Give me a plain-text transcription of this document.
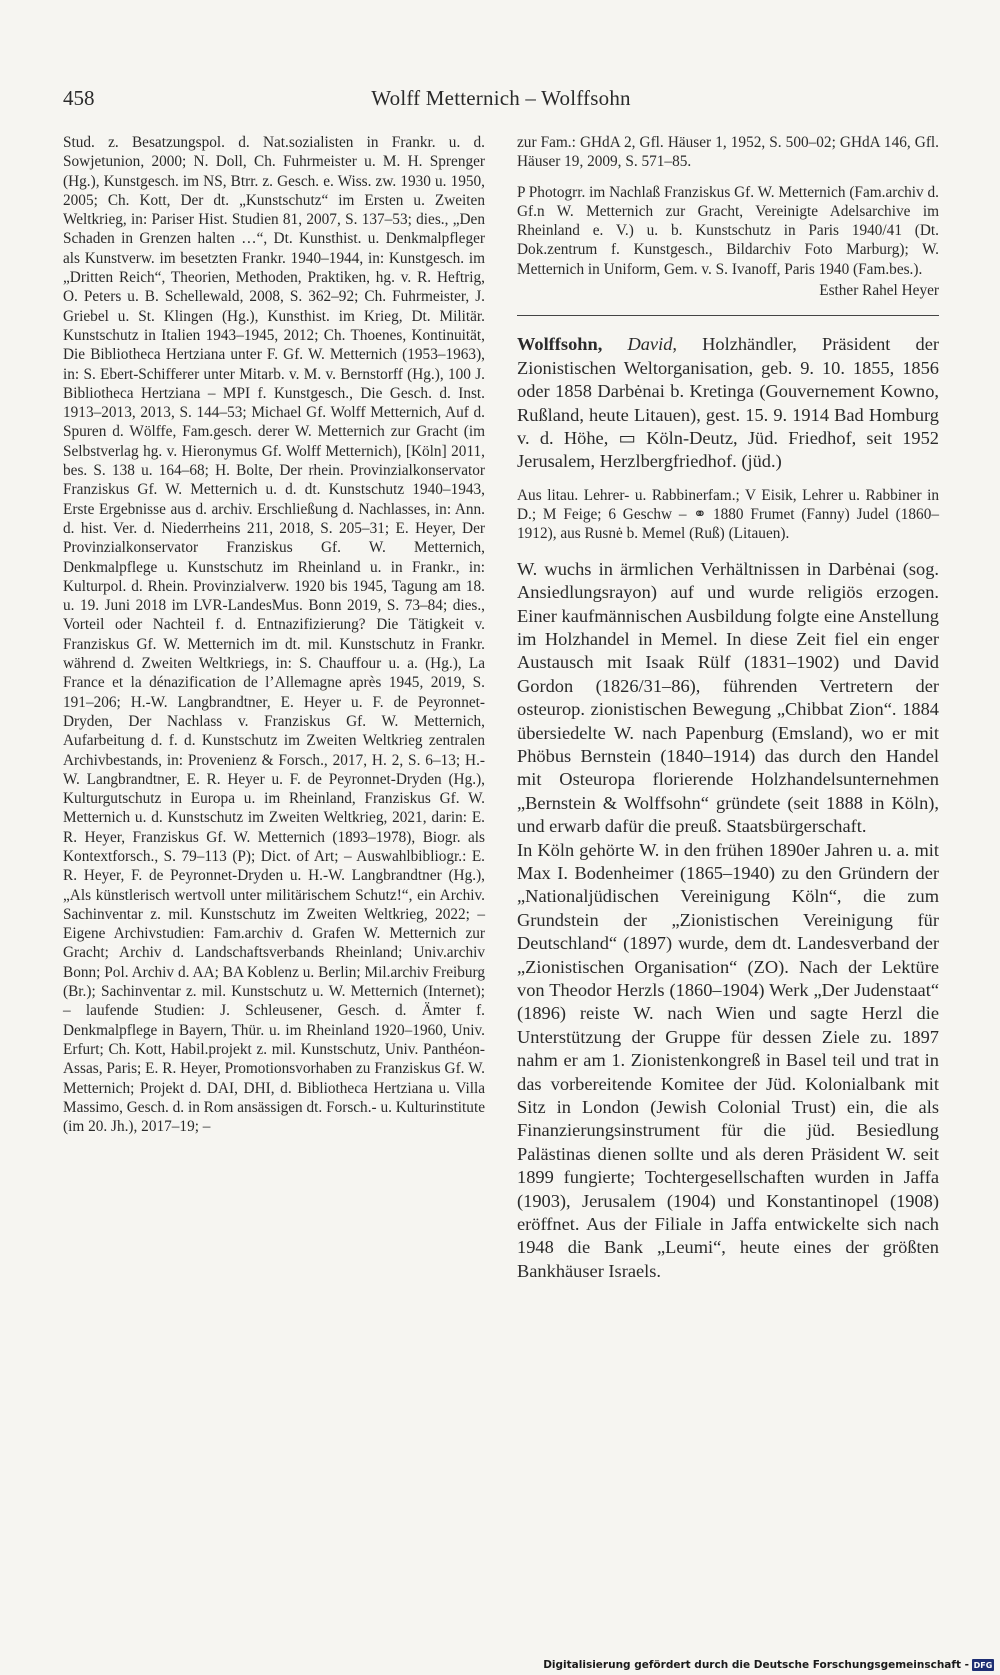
458	Wolff Metternich – Wolffsohn

Stud. z. Besatzungspol. d. Nat.sozialisten in Frankr. u. d. Sowjetunion, 2000; N. Doll, Ch. Fuhrmeister u. M. H. Sprenger (Hg.), Kunstgesch. im NS, Btrr. z. Gesch. e. Wiss. zw. 1930 u. 1950, 2005; Ch. Kott, Der dt. „Kunstschutz“ im Ersten u. Zweiten Weltkrieg, in: Pariser Hist. Studien 81, 2007, S. 137–53; dies., „Den Schaden in Grenzen halten …“, Dt. Kunsthist. u. Denkmalpfleger als Kunstverw. im besetzten Frankr. 1940–1944, in: Kunstgesch. im „Dritten Reich“, Theorien, Methoden, Praktiken, hg. v. R. Heftrig, O. Peters u. B. Schellewald, 2008, S. 362–92; Ch. Fuhrmeister, J. Griebel u. St. Klingen (Hg.), Kunsthist. im Krieg, Dt. Militär. Kunstschutz in Italien 1943–1945, 2012; Ch. Thoenes, Kontinuität, Die Bibliotheca Hertziana unter F. Gf. W. Metternich (1953–1963), in: S. Ebert-Schifferer unter Mitarb. v. M. v. Bernstorff (Hg.), 100 J. Bibliotheca Hertziana – MPI f. Kunstgesch., Die Gesch. d. Inst. 1913–2013, 2013, S. 144–53; Michael Gf. Wolff Metternich, Auf d. Spuren d. Wölffe, Fam.gesch. derer W. Metternich zur Gracht (im Selbstverlag hg. v. Hieronymus Gf. Wolff Metternich), [Köln] 2011, bes. S. 138 u. 164–68; H. Bolte, Der rhein. Provinzialkonservator Franziskus Gf. W. Metternich u. d. dt. Kunstschutz 1940–1943, Erste Ergebnisse aus d. archiv. Erschließung d. Nachlasses, in: Ann. d. hist. Ver. d. Niederrheins 211, 2018, S. 205–31; E. Heyer, Der Provinzialkonservator Franziskus Gf. W. Metternich, Denkmalpflege u. Kunstschutz im Rheinland u. in Frankr., in: Kulturpol. d. Rhein. Provinzialverw. 1920 bis 1945, Tagung am 18. u. 19. Juni 2018 im LVR-LandesMus. Bonn 2019, S. 73–84; dies., Vorteil oder Nachteil f. d. Entnazifizierung? Die Tätigkeit v. Franziskus Gf. W. Metternich im dt. mil. Kunstschutz in Frankr. während d. Zweiten Weltkriegs, in: S. Chauffour u. a. (Hg.), La France et la dénazification de l’Allemagne après 1945, 2019, S. 191–206; H.-W. Langbrandtner, E. Heyer u. F. de Peyronnet-Dryden, Der Nachlass v. Franziskus Gf. W. Metternich, Aufarbeitung d. f. d. Kunstschutz im Zweiten Weltkrieg zentralen Archivbestands, in: Provenienz & Forsch., 2017, H. 2, S. 6–13; H.-W. Langbrandtner, E. R. Heyer u. F. de Peyronnet-Dryden (Hg.), Kulturgutschutz in Europa u. im Rheinland, Franziskus Gf. W. Metternich u. d. Kunstschutz im Zweiten Weltkrieg, 2021, darin: E. R. Heyer, Franziskus Gf. W. Metternich (1893–1978), Biogr. als Kontextforsch., S. 79–113 (P); Dict. of Art; – Auswahlbibliogr.: E. R. Heyer, F. de Peyronnet-Dryden u. H.-W. Langbrandtner (Hg.), „Als künstlerisch wertvoll unter militärischem Schutz!“, ein Archiv. Sachinventar z. mil. Kunstschutz im Zweiten Weltkrieg, 2022; – Eigene Archivstudien: Fam.archiv d. Grafen W. Metternich zur Gracht; Archiv d. Landschaftsverbands Rheinland; Univ.archiv Bonn; Pol. Archiv d. AA; BA Koblenz u. Berlin; Mil.archiv Freiburg (Br.); Sachinventar z. mil. Kunstschutz u. W. Metternich (Internet); – laufende Studien: J. Schleusener, Gesch. d. Ämter f. Denkmalpflege in Bayern, Thür. u. im Rheinland 1920–1960, Univ. Erfurt; Ch. Kott, Habil.projekt z. mil. Kunstschutz, Univ. Panthéon-Assas, Paris; E. R. Heyer, Promotionsvorhaben zu Franziskus Gf. W. Metternich; Projekt d. DAI, DHI, d. Bibliotheca Hertziana u. Villa Massimo, Gesch. d. in Rom ansässigen dt. Forsch.- u. Kulturinstitute (im 20. Jh.), 2017–19; –

zur Fam.: GHdA 2, Gfl. Häuser 1, 1952, S. 500–02; GHdA 146, Gfl. Häuser 19, 2009, S. 571–85.

P Photogrr. im Nachlaß Franziskus Gf. W. Metternich (Fam.archiv d. Gf.n W. Metternich zur Gracht, Vereinigte Adelsarchive im Rheinland e. V.) u. b. Kunstschutz in Paris 1940/41 (Dt. Dok.zentrum f. Kunstgesch., Bildarchiv Foto Marburg); W. Metternich in Uniform, Gem. v. S. Ivanoff, Paris 1940 (Fam.bes.).

Esther Rahel Heyer

Wolffsohn, David, Holzhändler, Präsident der Zionistischen Weltorganisation, geb. 9. 10. 1855, 1856 oder 1858 Darbėnai b. Kretinga (Gouvernement Kowno, Rußland, heute Litauen), gest. 15. 9. 1914 Bad Homburg v. d. Höhe, ▭ Köln-Deutz, Jüd. Friedhof, seit 1952 Jerusalem, Herzlbergfriedhof. (jüd.)

Aus litau. Lehrer- u. Rabbinerfam.; V Eisik, Lehrer u. Rabbiner in D.; M Feige; 6 Geschw – ⚭ 1880 Frumet (Fanny) Judel (1860–1912), aus Rusnė b. Memel (Ruß) (Litauen).

W. wuchs in ärmlichen Verhältnissen in Darbėnai (sog. Ansiedlungsrayon) auf und wurde religiös erzogen. Einer kaufmännischen Ausbildung folgte eine Anstellung im Holzhandel in Memel. In diese Zeit fiel ein enger Austausch mit Isaak Rülf (1831–1902) und David Gordon (1826/31–86), führenden Vertretern der osteurop. zionistischen Bewegung „Chibbat Zion“. 1884 übersiedelte W. nach Papenburg (Emsland), wo er mit Phöbus Bernstein (1840–1914) das durch den Handel mit Osteuropa florierende Holzhandelsunternehmen „Bernstein & Wolffsohn“ gründete (seit 1888 in Köln), und erwarb dafür die preuß. Staatsbürgerschaft.

In Köln gehörte W. in den frühen 1890er Jahren u. a. mit Max I. Bodenheimer (1865–1940) zu den Gründern der „Nationaljüdischen Vereinigung Köln“, die zum Grundstein der „Zionistischen Vereinigung für Deutschland“ (1897) wurde, dem dt. Landesverband der „Zionistischen Organisation“ (ZO). Nach der Lektüre von Theodor Herzls (1860–1904) Werk „Der Judenstaat“ (1896) reiste W. nach Wien und sagte Herzl die Unterstützung der Gruppe für dessen Ziele zu. 1897 nahm er am 1. Zionistenkongreß in Basel teil und trat in das vorbereitende Komitee der Jüd. Kolonialbank mit Sitz in London (Jewish Colonial Trust) ein, die als Finanzierungsinstrument für die jüd. Besiedlung Palästinas dienen sollte und als deren Präsident W. seit 1899 fungierte; Tochtergesellschaften wurden in Jaffa (1903), Jerusalem (1904) und Konstantinopel (1908) eröffnet. Aus der Filiale in Jaffa entwickelte sich nach 1948 die Bank „Leumi“, heute eines der größten Bankhäuser Israels.

Digitalisierung gefördert durch die Deutsche Forschungsgemeinschaft - DFG
